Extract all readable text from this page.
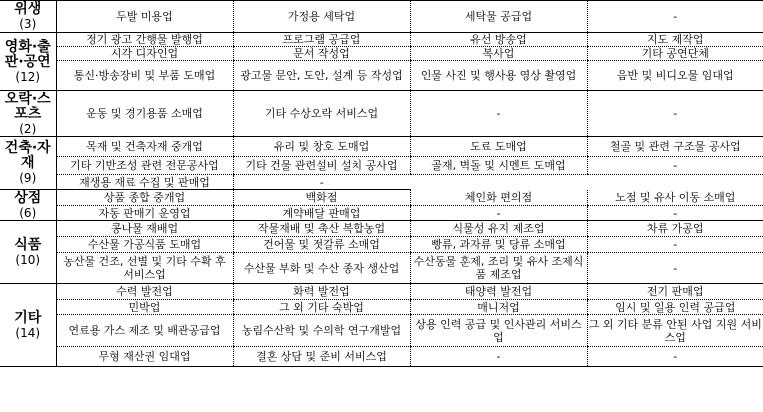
위생
(3)	두발 미용업	가정용 세탁업	세탁물 공급업	-

영화·출판·공연
(12)	정기 광고 간행물 발행업	프로그램 공급업	유선 방송업	지도 제작업
	시각 디자인업	문서 작성업	복사업	기타 공연단체
	통신·방송장비 및 부품 도매업	광고물 문안, 도안, 설계 등 작성업	인물 사진 및 행사용 영상 촬영업	음반 및 비디오물 임대업

오락·스포츠
(2)	운동 및 경기용품 소매업	기타 수상오락 서비스업	-	-

건축·자재
(9)	목재 및 건축자재 중개업	유리 및 창호 도매업	도료 도매업	철골 및 관련 구조물 공사업
	기타 기반조성 관련 전문공사업	기타 건물 관련설비 설치 공사업	골재, 벽돌 및 시멘트 도매업	-
	재생용 재료 수집 및 판매업	-		

상점
(6)	상품 종합 중개업	백화점	체인화 편의점	노점 및 유사 이동 소매업
	자동 판매기 운영업	계약배달 판매업	-	-

식품
(10)	콩나물 재배업	작물재배 및 축산 복합농업	식물성 유지 제조업	차류 가공업
	수산물 가공식품 도매업	건어물 및 젓갈류 소매업	빵류, 과자류 및 당류 소매업	-
	농산물 건조, 선별 및 기타 수확 후 서비스업	수산물 부화 및 수산 종자 생산업	수산동물 훈제, 조리 및 유사 조제식품 제조업	-

기타
(14)	수력 발전업	화력 발전업	태양력 발전업	전기 판매업
	민박업	그 외 기타 숙박업	매니저업	임시 및 일용 인력 공급업
	연료용 가스 제조 및 배관공급업	농림수산학 및 수의학 연구개발업	상용 인력 공급 및 인사관리 서비스업	그 외 기타 분류 안된 사업 지원 서비스업
	무형 재산권 임대업	결혼 상담 및 준비 서비스업	-	-
